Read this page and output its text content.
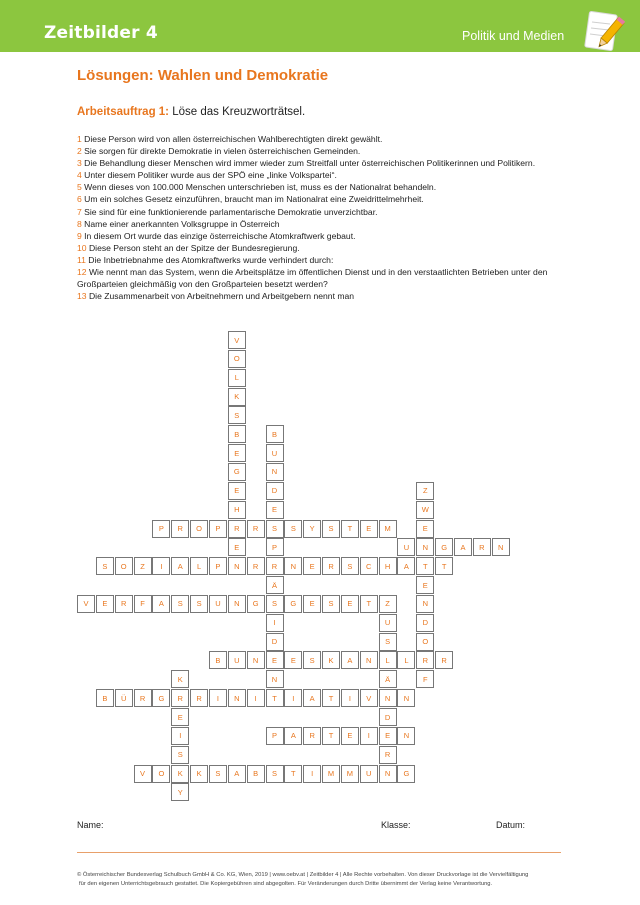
Zeitbilder 4	Politik und Medien
Lösungen: Wahlen und Demokratie
Arbeitsauftrag 1: Löse das Kreuzworträtsel.
1 Diese Person wird von allen österreichischen Wahlberechtigten direkt gewählt.
2 Sie sorgen für direkte Demokratie in vielen österreichischen Gemeinden.
3 Die Behandlung dieser Menschen wird immer wieder zum Streitfall unter österreichischen Politikerinnen und Politikern.
4 Unter diesem Politiker wurde aus der SPÖ eine „linke Volkspartei“.
5 Wenn dieses von 100.000 Menschen unterschrieben ist, muss es der Nationalrat behandeln.
6 Um ein solches Gesetz einzuführen, braucht man im Nationalrat eine Zweidrittelmehrheit.
7 Sie sind für eine funktionierende parlamentarische Demokratie unverzichtbar.
8 Name einer anerkannten Volksgruppe in Österreich
9 In diesem Ort wurde das einzige österreichische Atomkraftwerk gebaut.
10 Diese Person steht an der Spitze der Bundesregierung.
11 Die Inbetriebnahme des Atomkraftwerks wurde verhindert durch:
12 Wie nennt man das System, wenn die Arbeitsplätze im öffentlichen Dienst und in den verstaatlichten Betrieben unter den Großparteien gleichmäßig von den Großparteien besetzt werden?
13 Die Zusammenarbeit von Arbeitnehmern und Arbeitgebern nennt man
V
O
L
K
S
B
E
G
E
H
R
E
N
B
U
N
D
E
S
P
R
Ä
S
I
D
E
N
T
Z
W
E
N
T
E
N
D
O
R
F
P	R	O	P	R	S	Y	S	T	E	M
U	G	A	R	N
S	O	Z	I	A	L	P	R	N	E	R	S	C	H	A	T
V	E	R	F	A	S	S	U	N	G	G	E	S	E	T	Z
U
S
L
Ä
N
D
E
R
B	U	N	E	S	K	A	N	L	R
K
R
E
I
S
K
Y
B	Ü	R	G	R	I	N	I	I	A	T	I	V	N
P	A	R	T	E	I	N
V	O	K	S	A	B	S	T	I	M	M	U	N	G
Name:	Klasse:	Datum:
© Österreichischer Bundesverlag Schulbuch GmbH & Co. KG, Wien, 2019 | www.oebv.at | Zeitbilder 4 | Alle Rechte vorbehalten. Von dieser Druckvorlage ist die Vervielfältigung
für den eigenen Unterrichtsgebrauch gestattet. Die Kopiergebühren sind abgegolten. Für Veränderungen durch Dritte übernimmt der Verlag keine Verantwortung.
